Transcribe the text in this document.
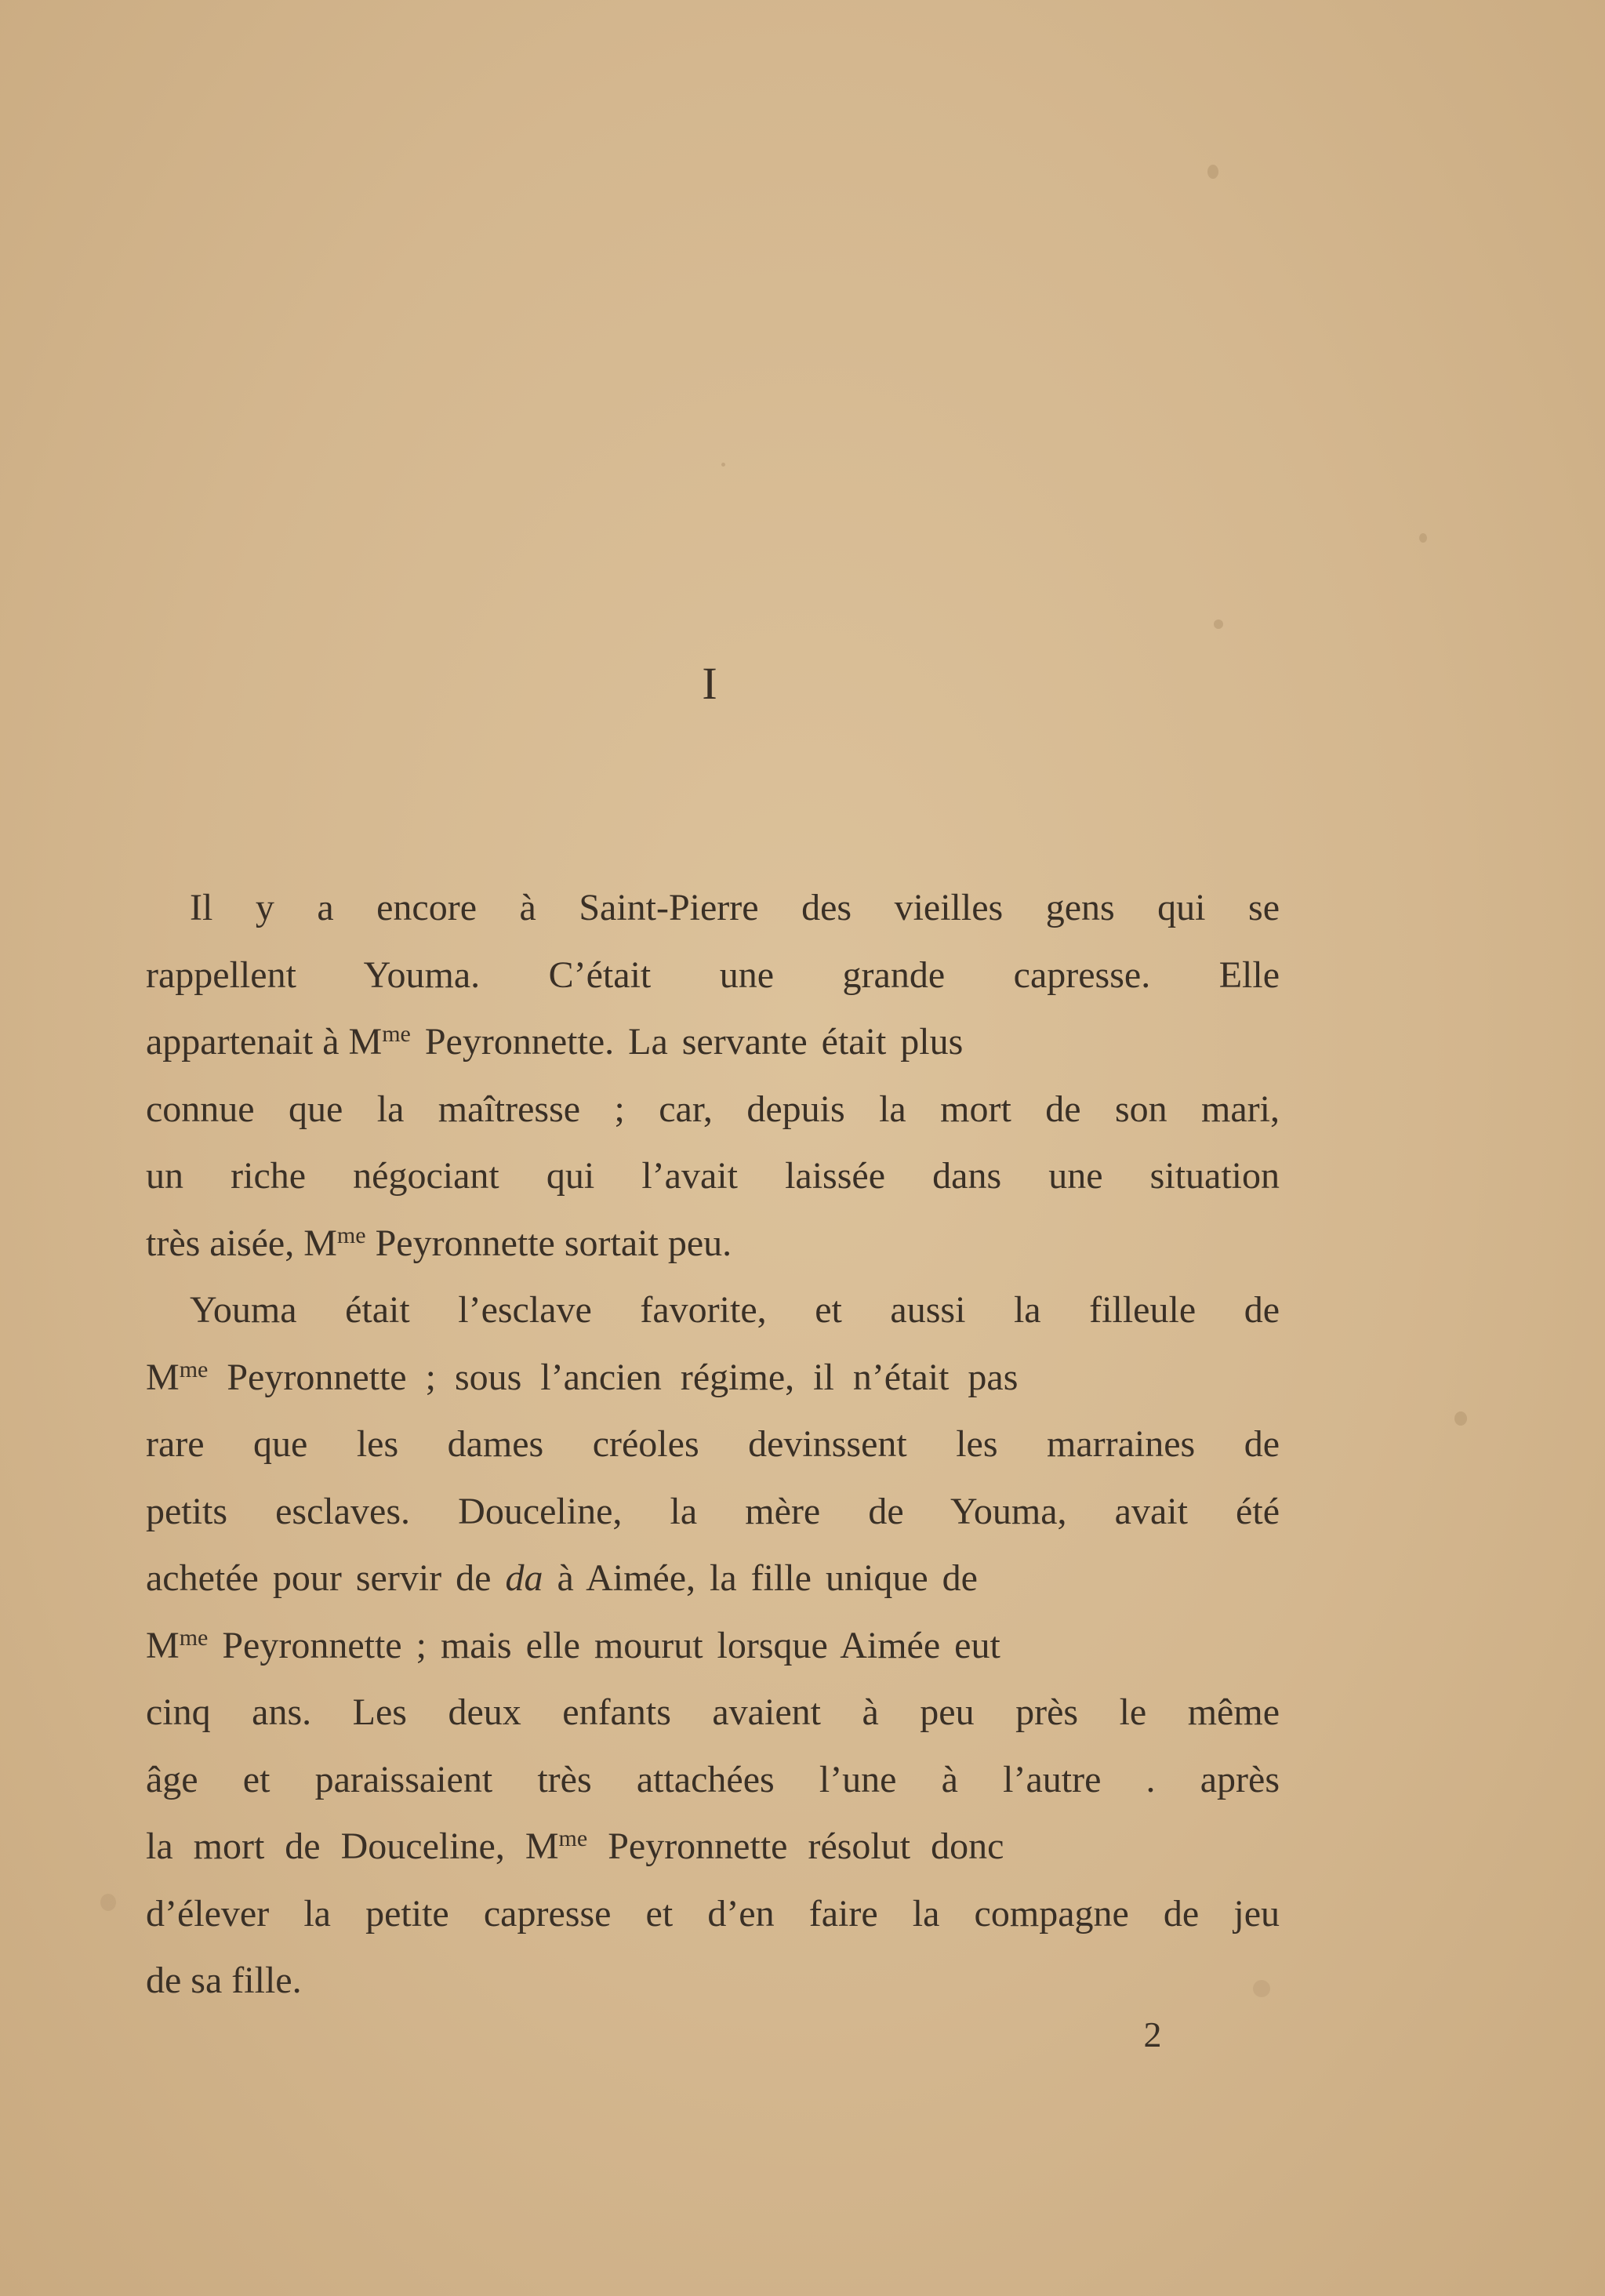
I
Il y a encore à Saint-Pierre des vieilles gens qui se
rappellent Youma. C’était une grande capresse. Elle
appartenait à $M^{me}$ Peyronnette. La servante était plus
connue que la maîtresse ; car, depuis la mort de son mari,
un riche négociant qui l’avait laissée dans une situation
très aisée, $M^{me}$ Peyronnette sortait peu.
Youma était l’esclave favorite, et aussi la filleule de
$M^{me}$ Peyronnette ; sous l’ancien régime, il n’était pas
rare que les dames créoles devinssent les marraines de
petits esclaves. Douceline, la mère de Youma, avait été
achetée pour servir de da à Aimée, la fille unique de
$M^{me}$ Peyronnette ; mais elle mourut lorsque Aimée eut
cinq ans. Les deux enfants avaient à peu près le même
âge et paraissaient très attachées l’une à l’autre . après
la mort de Douceline, $M^{me}$ Peyronnette résolut donc
d’élever la petite capresse et d’en faire la compagne de jeu
de sa fille.
2
